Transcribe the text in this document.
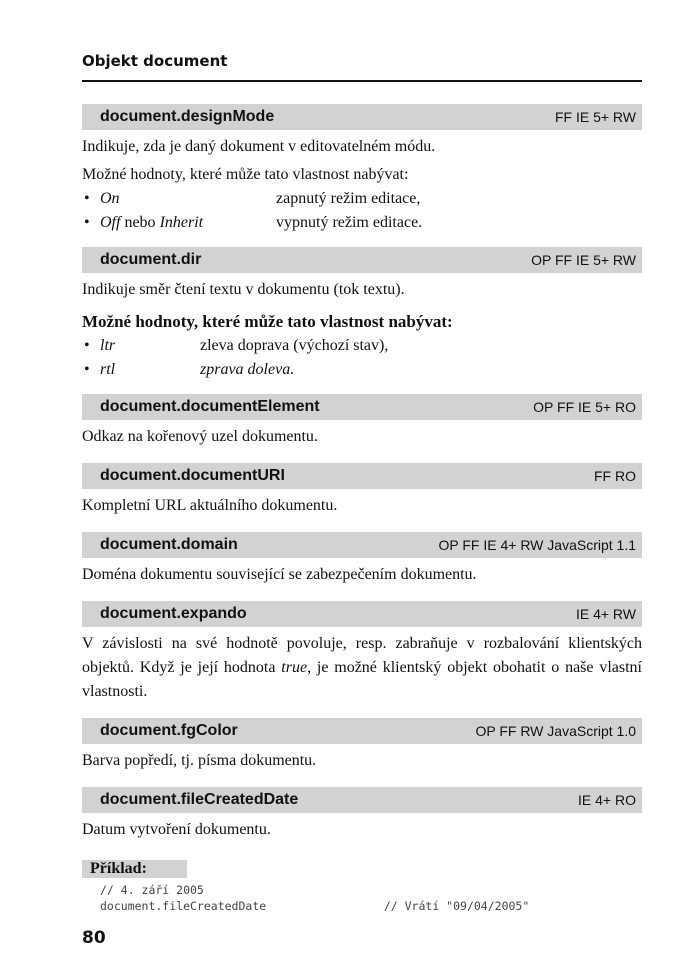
Objekt document
document.designMode	FF IE 5+ RW

Indikuje, zda je daný dokument v editovatelném módu.

Možné hodnoty, které může tato vlastnost nabývat:

• On	zapnutý režim editace,
• Off nebo Inherit	vypnutý režim editace.
document.dir	OP FF IE 5+ RW

Indikuje směr čtení textu v dokumentu (tok textu).

Možné hodnoty, které může tato vlastnost nabývat:
• ltr	zleva doprava (výchozí stav),
• rtl	zprava doleva.
document.documentElement	OP FF IE 5+ RO

Odkaz na kořenový uzel dokumentu.

document.documentURI	FF RO

Kompletní URL aktuálního dokumentu.

document.domain	OP FF IE 4+ RW JavaScript 1.1

Doména dokumentu související se zabezpečením dokumentu.

document.expando	IE 4+ RW

V závislosti na své hodnotě povoluje, resp. zabraňuje v rozbalování klientských objektů. Když je její hodnota true, je možné klientský objekt obohatit o naše vlastní vlastnosti.

document.fgColor	OP FF RW JavaScript 1.0

Barva popředí, tj. písma dokumentu.

document.fileCreatedDate	IE 4+ RO

Datum vytvoření dokumentu.

Příklad:
// 4. září 2005
document.fileCreatedDate                 // Vrátí "09/04/2005"
80
